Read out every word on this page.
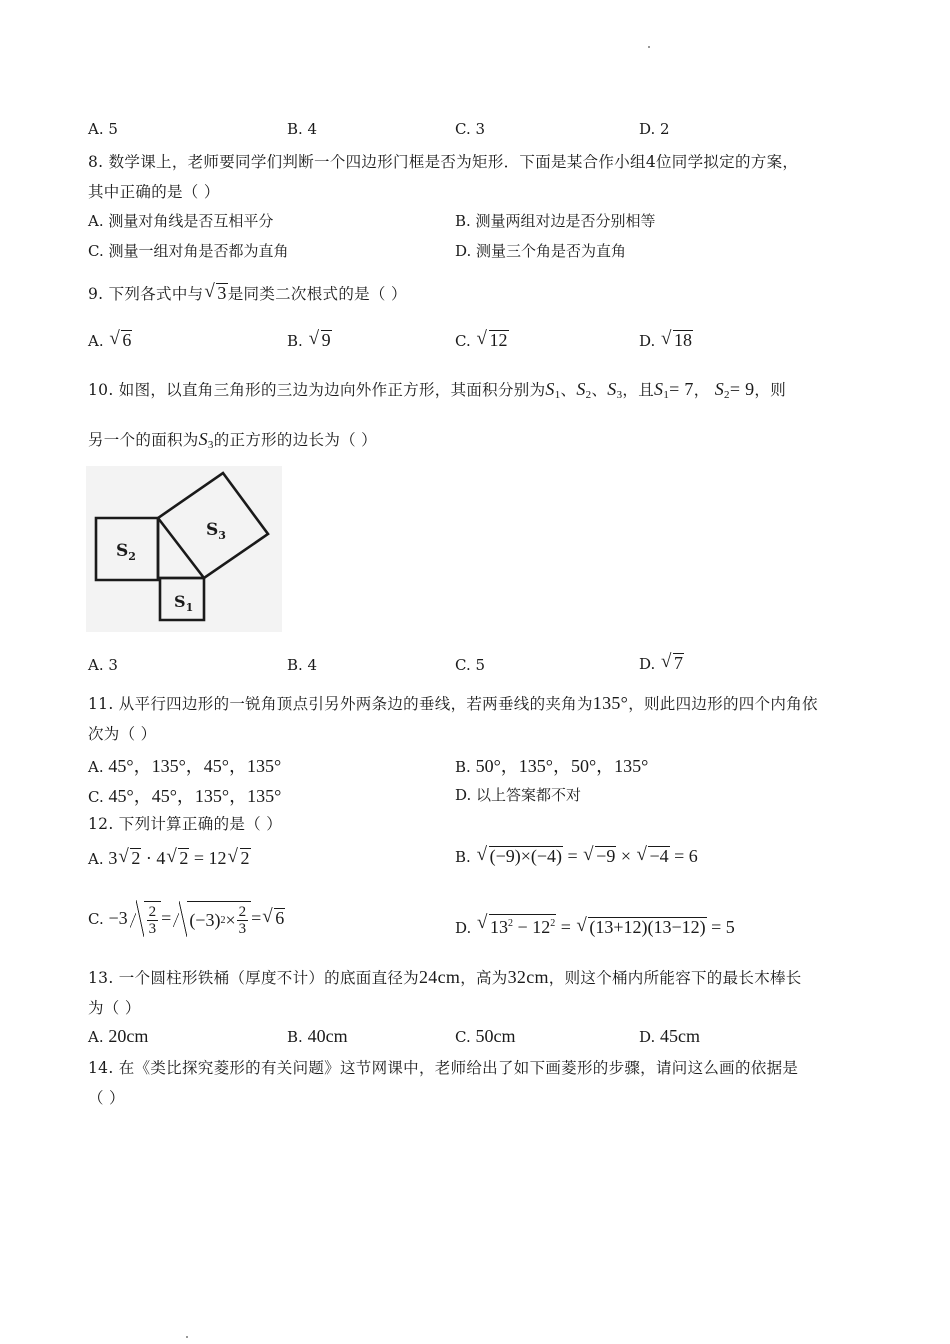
A. 5	B. 4	C. 3	D. 2
8. 数学课上，老师要同学们判断一个四边形门框是否为矩形．下面是某合作小组4位同学拟定的方案，
其中正确的是（ ）
A. 测量对角线是否互相平分	B. 测量两组对边是否分别相等
C. 测量一组对角是否都为直角	D. 测量三个角是否为直角
9. 下列各式中与 √ 3是同类二次根式的是（ ）
A. √ 6	B. √ 9	C. √ 12	D. √ 18
10. 如图，以直角三角形的三边为边向外作正方形，其面积分别为$S_1$、$S_2$、$S_3$，且$S_1= 7$， $S_2= 9$，则
另一个的面积为$S_3$的正方形的边长为（ ）
$S_2$
$S_1$
$S_3$
A. 3	B. 4	C. 5	D. √ 7
11. 从平行四边形的一锐角顶点引另外两条边的垂线，若两垂线的夹角为135°，则此四边形的四个内角依
次为（ ）
A. 45°，135°，45°，135°	B. 50°，135°，50°，135°
C. 45°，45°，135°，135°	D. 以上答案都不对
12. 下列计算正确的是（ ）
A. 3 √ 2 · 4 √ 2 = 12 √ 2	B. √ (−9)×(−4) = √ −9 × √ −4 = 6
C.
$-3 \frac{2}{3} = (-3) 2 \times \frac{2}{3}$ = √ 6	D. √ $13^2 - 12^2$ = √ (13+12)(13−12) = 5
13. 一个圆柱形铁桶（厚度不计）的底面直径为24cm，高为32cm，则这个桶内所能容下的最长木棒长
为（ ）
A. 20cm	B. 40cm	C. 50cm	D. 45cm
14. 在《类比探究菱形的有关问题》这节网课中，老师给出了如下画菱形的步骤，请问这么画的依据是
（ ）
